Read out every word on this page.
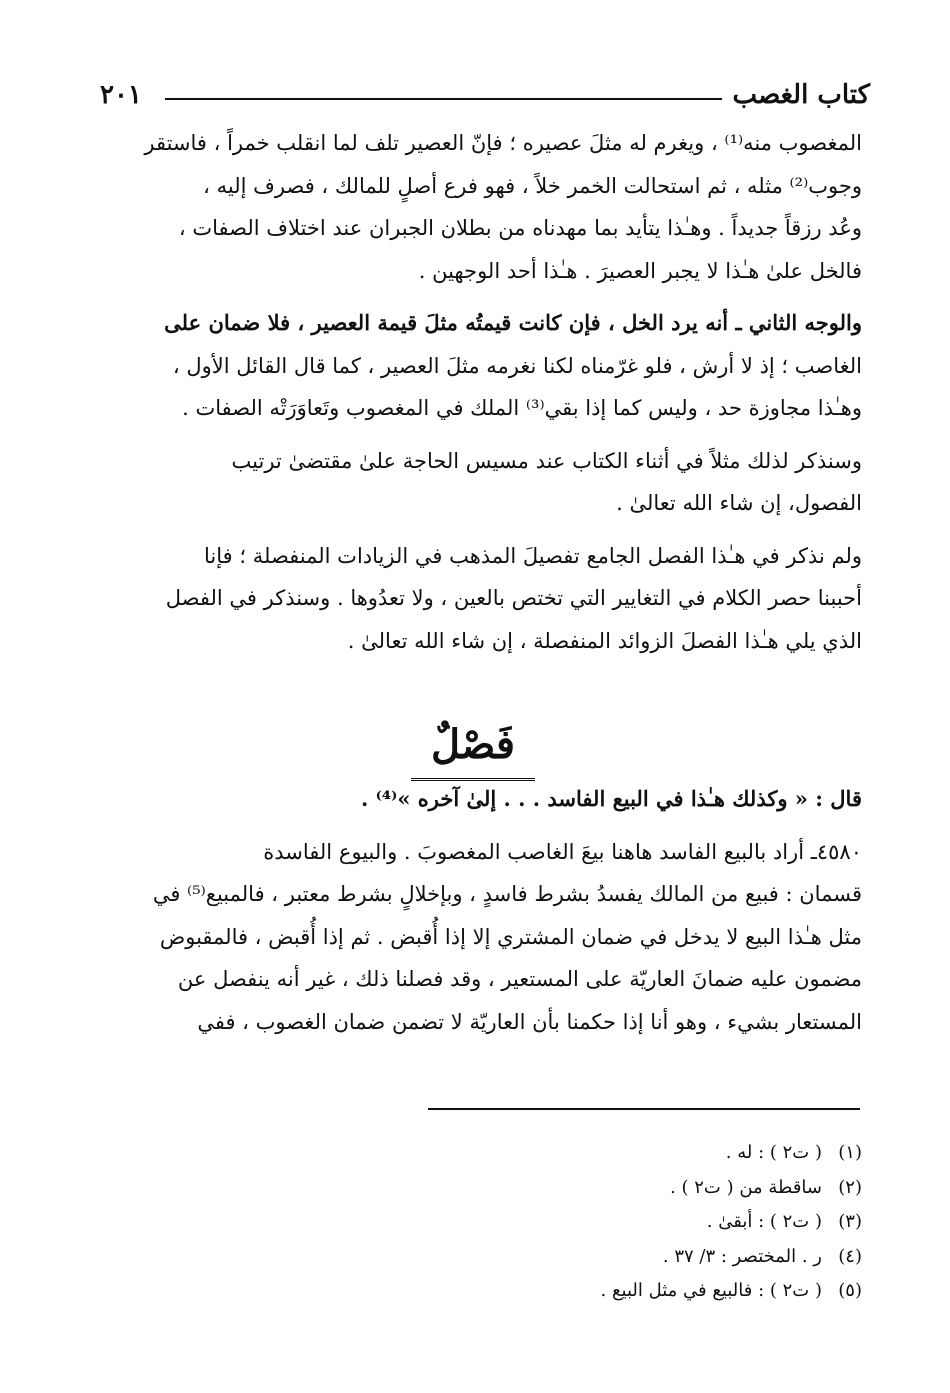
كتاب الغصب
٢٠١
المغصوب منه⁽¹⁾ ، ويغرم له مثلَ عصيره ؛ فإنّ العصير تلف لما انقلب خمراً ، فاستقر
وجوب⁽²⁾ مثله ، ثم استحالت الخمر خلاً ، فهو فرع أصلٍ للمالك ، فصرف إليه ،
وعُد رزقاً جديداً . وهـٰذا يتأيد بما مهدناه من بطلان الجبران عند اختلاف الصفات ،
فالخل علىٰ هـٰذا لا يجبر العصيرَ . هـٰذا أحد الوجهين .
والوجه الثاني ـ أنه يرد الخل ، فإن كانت قيمتُه مثلَ قيمة العصير ، فلا ضمان على
الغاصب ؛ إذ لا أرش ، فلو غرّمناه لكنا نغرمه مثلَ العصير ، كما قال القائل الأول ،
وهـٰذا مجاوزة حد ، وليس كما إذا بقي⁽³⁾ الملك في المغصوب وتَعاوَرَتْه الصفات .
وسنذكر لذلك مثلاً في أثناء الكتاب عند مسيس الحاجة علىٰ مقتضىٰ ترتيب
الفصول، إن شاء الله تعالىٰ .
ولم نذكر في هـٰذا الفصل الجامع تفصيلَ المذهب في الزيادات المنفصلة ؛ فإنا
أحببنا حصر الكلام في التغايير التي تختص بالعين ، ولا تعدُوها . وسنذكر في الفصل
الذي يلي هـٰذا الفصلَ الزوائد المنفصلة ، إن شاء الله تعالىٰ .
فَصْلٌ
قال : « وكذلك هـٰذا في البيع الفاسد . . . إلىٰ آخره »⁽⁴⁾ .
٤٥٨٠ـ أراد بالبيع الفاسد هاهنا بيعَ الغاصب المغصوبَ . والبيوع الفاسدة
قسمان : فبيع من المالك يفسدُ بشرط فاسدٍ ، وبإخلالٍ بشرط معتبر ، فالمبيع⁽⁵⁾ في
مثل هـٰذا البيع لا يدخل في ضمان المشتري إلا إذا أُقبض . ثم إذا أُقبض ، فالمقبوض
مضمون عليه ضمانَ العاريّة على المستعير ، وقد فصلنا ذلك ، غير أنه ينفصل عن
المستعار بشيء ، وهو أنا إذا حكمنا بأن العاريّة لا تضمن ضمان الغصوب ، ففي
(١)( ت٢ ) : له .
(٢)ساقطة من ( ت٢ ) .
(٣)( ت٢ ) : أبقىٰ .
(٤)ر . المختصر : ٣/ ٣٧ .
(٥)( ت٢ ) : فالبيع في مثل البيع .
